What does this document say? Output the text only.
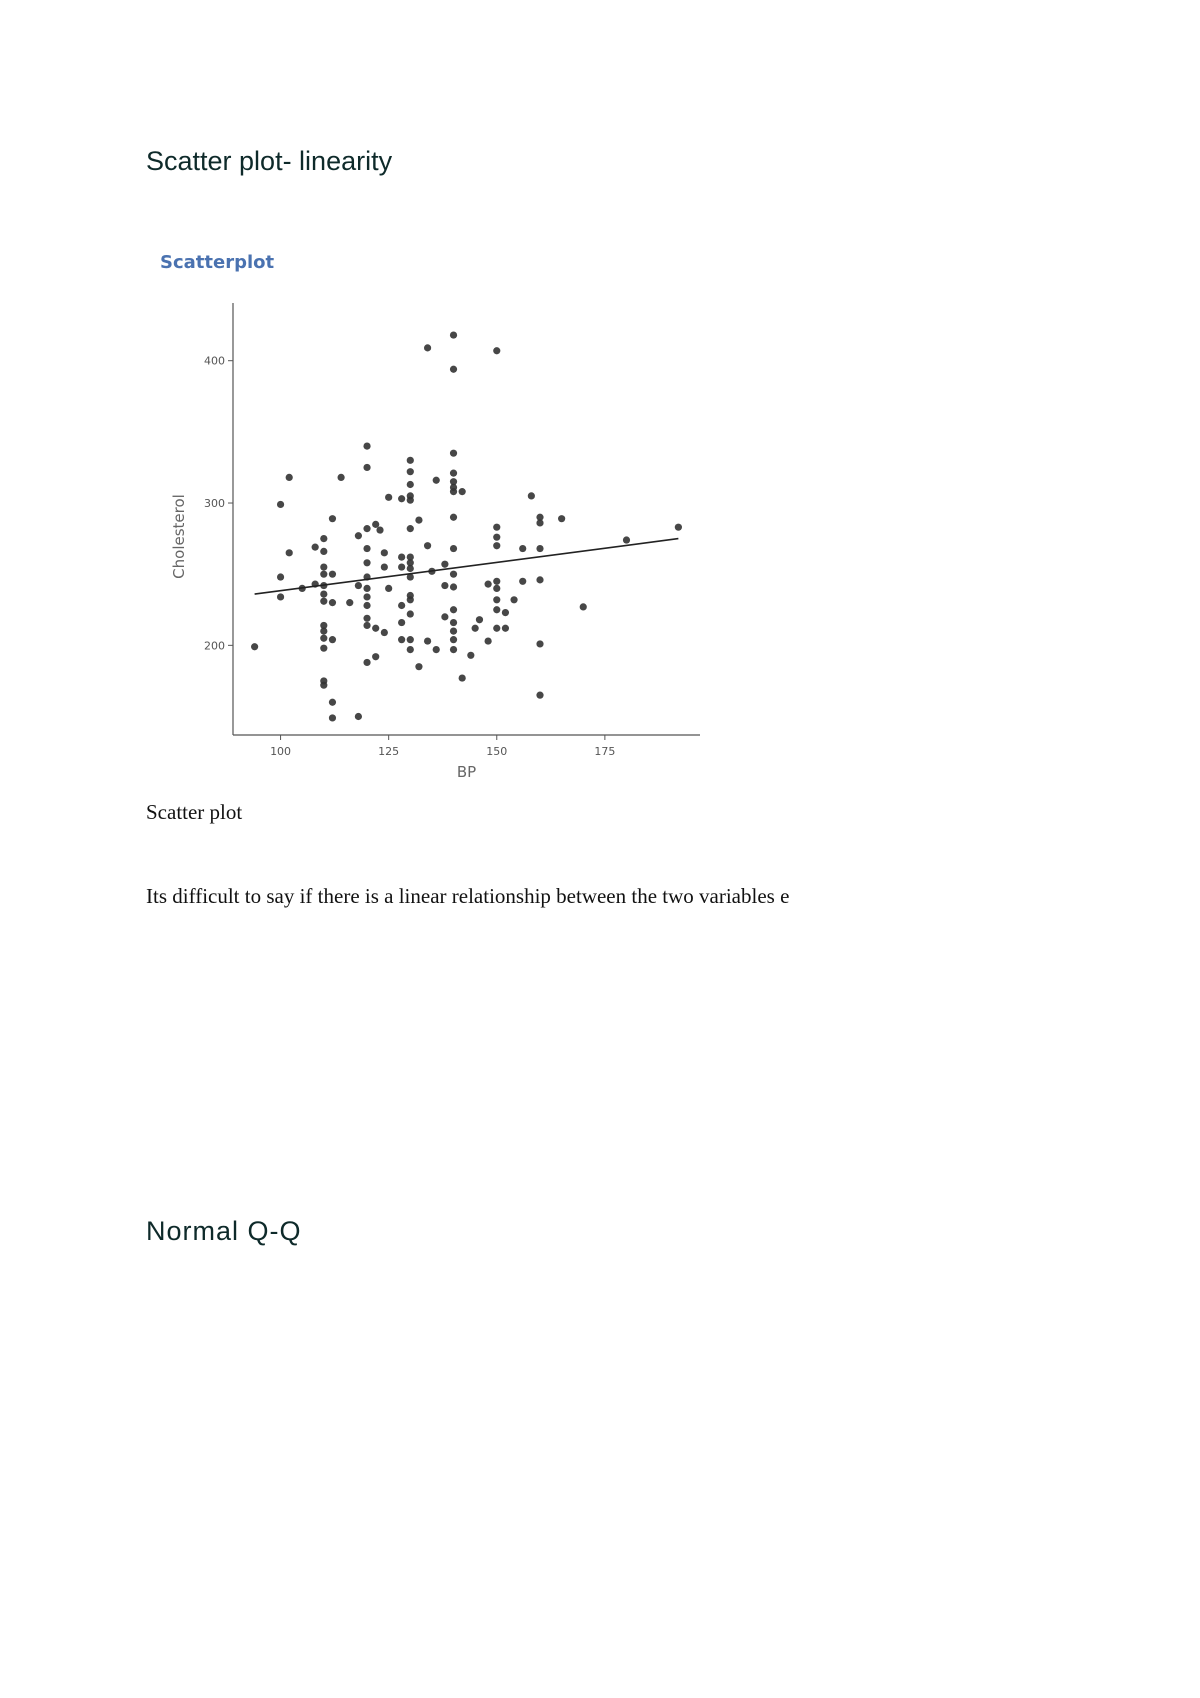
Scatter plot- linearity
Scatterplot
100	125	150	175
200
300
400
BP
Cholesterol

Scatter plot

Its difficult to say if there is a linear relationship between the two variables e

Normal Q-Q
